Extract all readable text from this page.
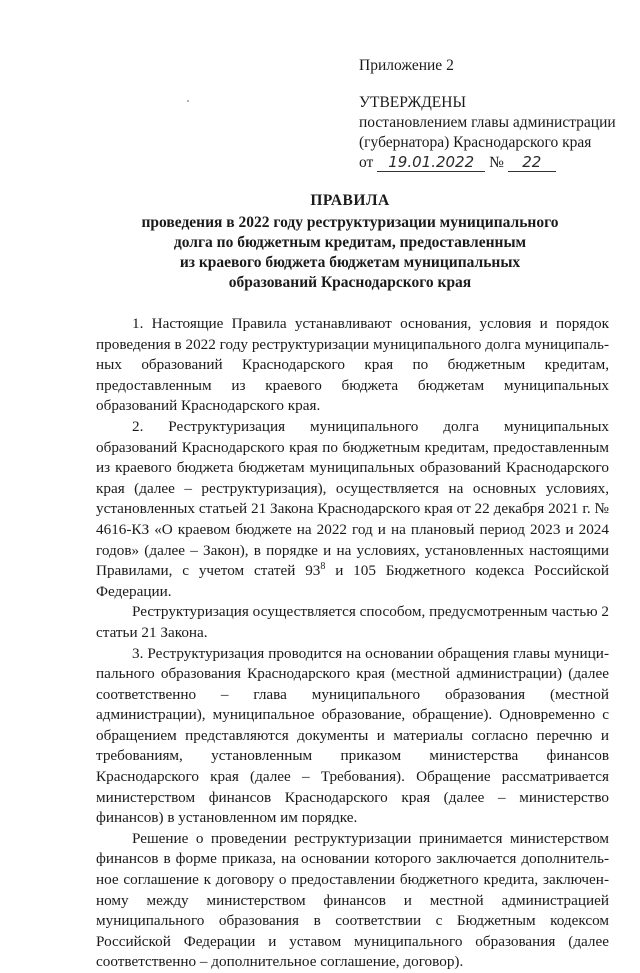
Приложение 2
УТВЕРЖДЕНЫ
постановлением главы администрации
(губернатора) Краснодарского края
от 19.01.2022 № 22
ПРАВИЛА
проведения в 2022 году реструктуризации муниципального
долга по бюджетным кредитам, предоставленным
из краевого бюджета бюджетам муниципальных
образований Краснодарского края

1. Настоящие Правила устанавливают основания, условия и порядок проведения в 2022 году реструктуризации муниципального долга муниципальных образований Краснодарского края по бюджетным кредитам, предоставленным из краевого бюджета бюджетам муниципальных образований Краснодарского края.

2. Реструктуризация муниципального долга муниципальных образований Краснодарского края по бюджетным кредитам, предоставленным из краевого бюджета бюджетам муниципальных образований Краснодарского края (далее – реструктуризация), осуществляется на основных условиях, установленных статьей 21 Закона Краснодарского края от 22 декабря 2021 г. № 4616-КЗ «О краевом бюджете на 2022 год и на плановый период 2023 и 2024 годов» (далее – Закон), в порядке и на условиях, установленных настоящими Правилами, с учетом статей $93^8$ и 105 Бюджетного кодекса Российской Федерации.

Реструктуризация осуществляется способом, предусмотренным частью 2 статьи 21 Закона.

3. Реструктуризация проводится на основании обращения главы муниципального образования Краснодарского края (местной администрации) (далее соответственно – глава муниципального образования (местной администрации), муниципальное образование, обращение). Одновременно с обращением представляются документы и материалы согласно перечню и требованиям, установленным приказом министерства финансов Краснодарского края (далее – Требования). Обращение рассматривается министерством финансов Краснодарского края (далее – министерство финансов) в установленном им порядке.

Решение о проведении реструктуризации принимается министерством финансов в форме приказа, на основании которого заключается дополнительное соглашение к договору о предоставлении бюджетного кредита, заключенному между министерством финансов и местной администрацией муниципального образования в соответствии с Бюджетным кодексом Российской Федерации и уставом муниципального образования (далее соответственно – дополнительное соглашение, договор).
